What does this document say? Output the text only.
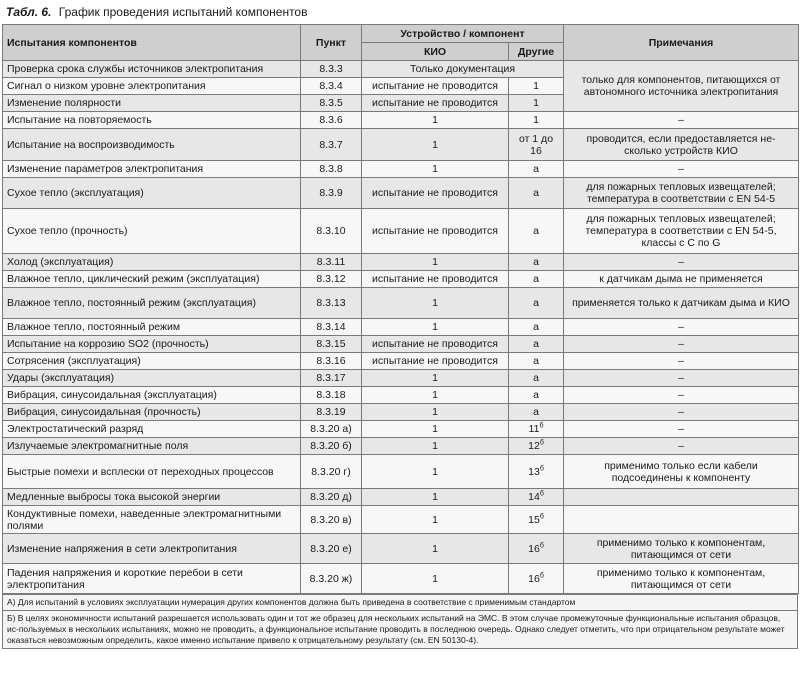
Табл. 6. График проведения испытаний компонентов
Испытания компонентов	Пункт	Устройство / компонент		Примечания
		КИО	Другие	
Проверка срока службы источников электропитания	8.3.3	Только документация		только для компонентов, питающихся от автономного источника электропитания
Сигнал о низком уровне электропитания	8.3.4	испытание не проводится	1	
Изменение полярности	8.3.5	испытание не проводится	1	
Испытание на повторяемость	8.3.6	1	1	–
Испытание на воспроизводимость	8.3.7	1	от 1 до 16	проводится, если предоставляется не-сколько устройств КИО
Изменение параметров электропитания	8.3.8	1	а	–
Сухое тепло (эксплуатация)	8.3.9	испытание не проводится	а	для пожарных тепловых извещателей; температура в соответствии с EN 54-5
Сухое тепло (прочность)	8.3.10	испытание не проводится	а	для пожарных тепловых извещателей; температура в соответствии с EN 54-5, классы с С по G
Холод (эксплуатация)	8.3.11	1	а	–
Влажное тепло, циклический режим (эксплуатация)	8.3.12	испытание не проводится	а	к датчикам дыма не применяется
Влажное тепло, постоянный режим (эксплуатация)	8.3.13	1	а	применяется только к датчикам дыма и КИО
Влажное тепло, постоянный режим	8.3.14	1	а	–
Испытание на коррозию SO2 (прочность)	8.3.15	испытание не проводится	а	–
Сотрясения (эксплуатация)	8.3.16	испытание не проводится	а	–
Удары (эксплуатация)	8.3.17	1	а	–
Вибрация, синусоидальная (эксплуатация)	8.3.18	1	а	–
Вибрация, синусоидальная (прочность)	8.3.19	1	а	–
Электростатический разряд	8.3.20 а)	1	$11^б$	–
Излучаемые электромагнитные поля	8.3.20 б)	1	$12^б$	–
Быстрые помехи и всплески от переходных процессов	8.3.20 г)	1	$13^б$	применимо только если кабели подсоединены к компоненту
Медленные выбросы тока высокой энергии	8.3.20 д)	1	$14^б$	
Кондуктивные помехи, наведенные электромагнитными полями	8.3.20 в)	1	$15^б$	
Изменение напряжения в сети электропитания	8.3.20 е)	1	$16^б$	применимо только к компонентам, питающимся от сети
Падения напряжения и короткие перебои в сети электропитания	8.3.20 ж)	1	$16^б$	применимо только к компонентам, питающимся от сети
А) Для испытаний в условиях эксплуатации нумерация других компонентов должна быть приведена в соответствие с применимым стандартом
Б) В целях экономичности испытаний разрешается использовать один и тот же образец для нескольких испытаний на ЭМС. В этом случае промежуточные функциональные испытания образцов, ис-пользуемых в нескольких испытаниях, можно не проводить, а функциональное испытание проводить в последнюю очередь. Однако следует отметить, что при отрицательном результате может оказаться невозможным определить, какое именно испытание привело к отрицательному результату (см. EN 50130-4).
